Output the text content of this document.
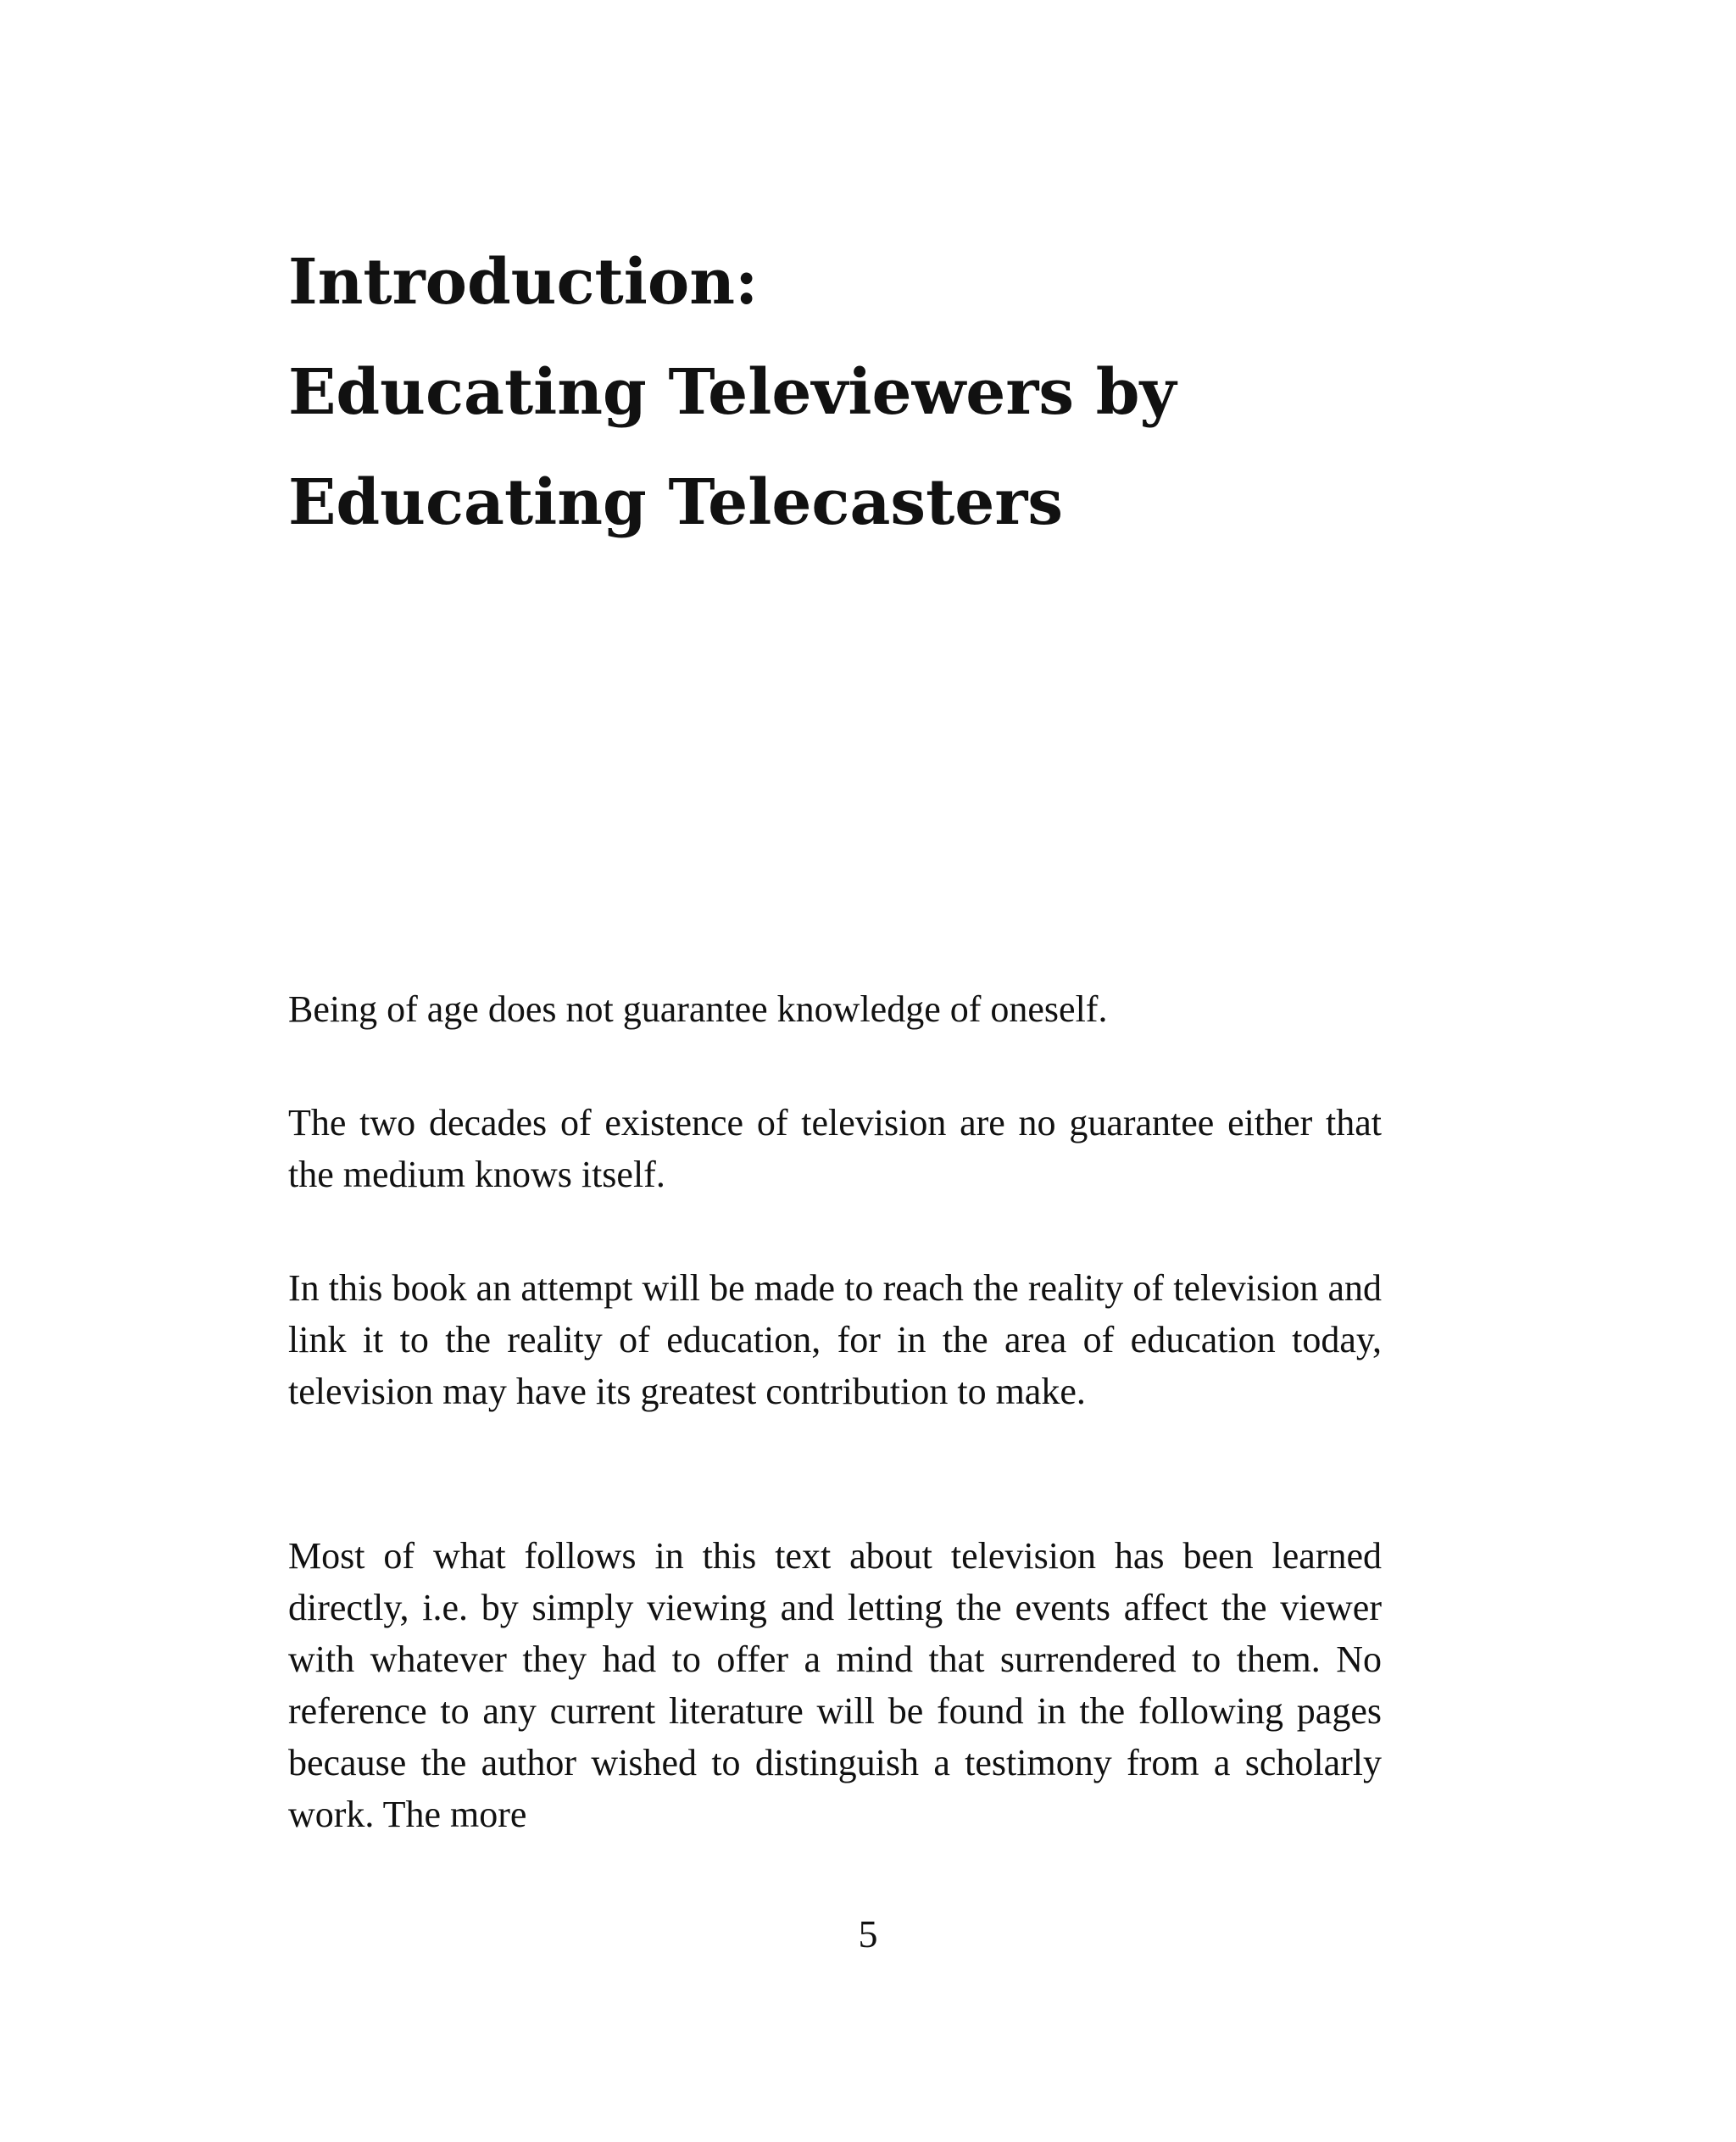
Introduction:
Educating Televiewers by
Educating Telecasters

Being of age does not guarantee knowledge of oneself.

The two decades of existence of television are no guarantee either that the medium knows itself.

In this book an attempt will be made to reach the reality of television and link it to the reality of education, for in the area of education today, television may have its greatest contribution to make.

Most of what follows in this text about television has been learned directly, i.e. by simply viewing and letting the events affect the viewer with whatever they had to offer a mind that surrendered to them. No reference to any current literature will be found in the following pages because the author wished to distinguish a testimony from a scholarly work. The more

5
